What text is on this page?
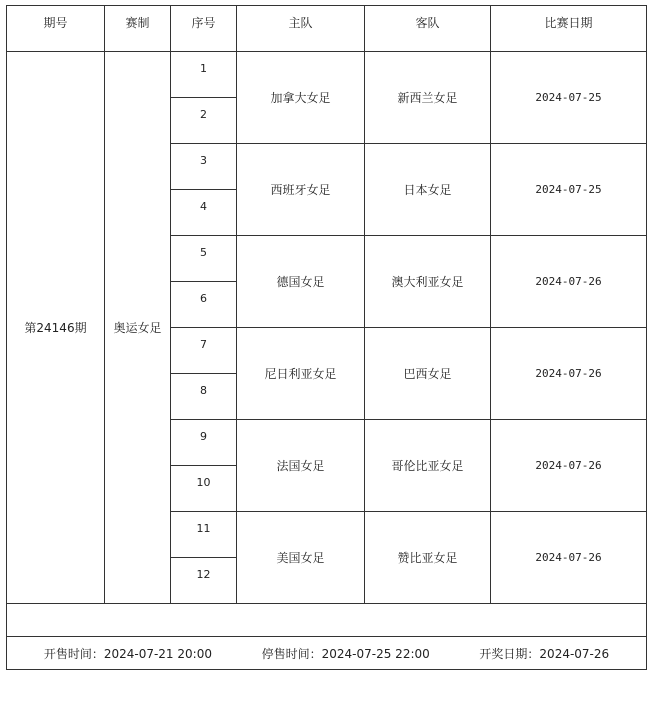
期号	赛制	序号	主队	客队	比赛日期
第24146期	奥运女足	1	加拿大女足	新西兰女足	2024-07-25
		2			
		3	西班牙女足	日本女足	2024-07-25
		4			
		5	德国女足	澳大利亚女足	2024-07-26
		6			
		7	尼日利亚女足	巴西女足	2024-07-26
		8			
		9	法国女足	哥伦比亚女足	2024-07-26
		10			
		11	美国女足	赞比亚女足	2024-07-26
		12			

开售时间：2024-07-21 20:00 停售时间：2024-07-25 22:00 开奖日期：2024-07-26					
